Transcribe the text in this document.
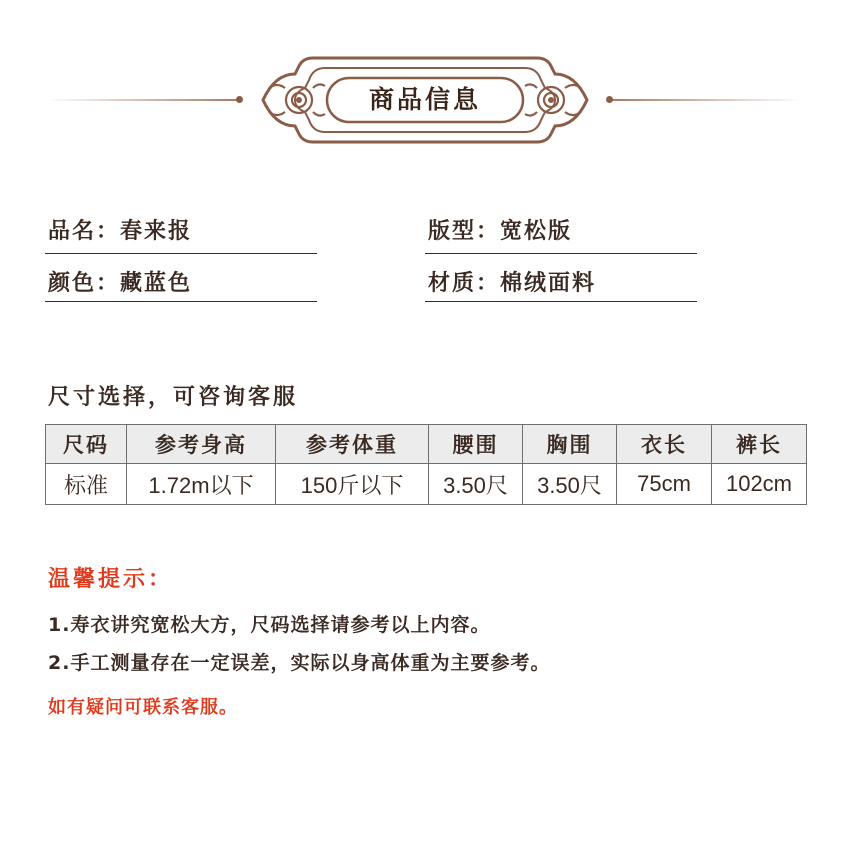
商品信息
品名：春来报	版型：宽松版
颜色：藏蓝色	材质：棉绒面料
尺寸选择，可咨询客服
尺码	参考身高	参考体重	腰围	胸围	衣长	裤长
标准	1.72m以下	150斤以下	3.50尺	3.50尺	75cm	102cm
温馨提示：
1.寿衣讲究宽松大方，尺码选择请参考以上内容。
2.手工测量存在一定误差，实际以身高体重为主要参考。
如有疑问可联系客服。
